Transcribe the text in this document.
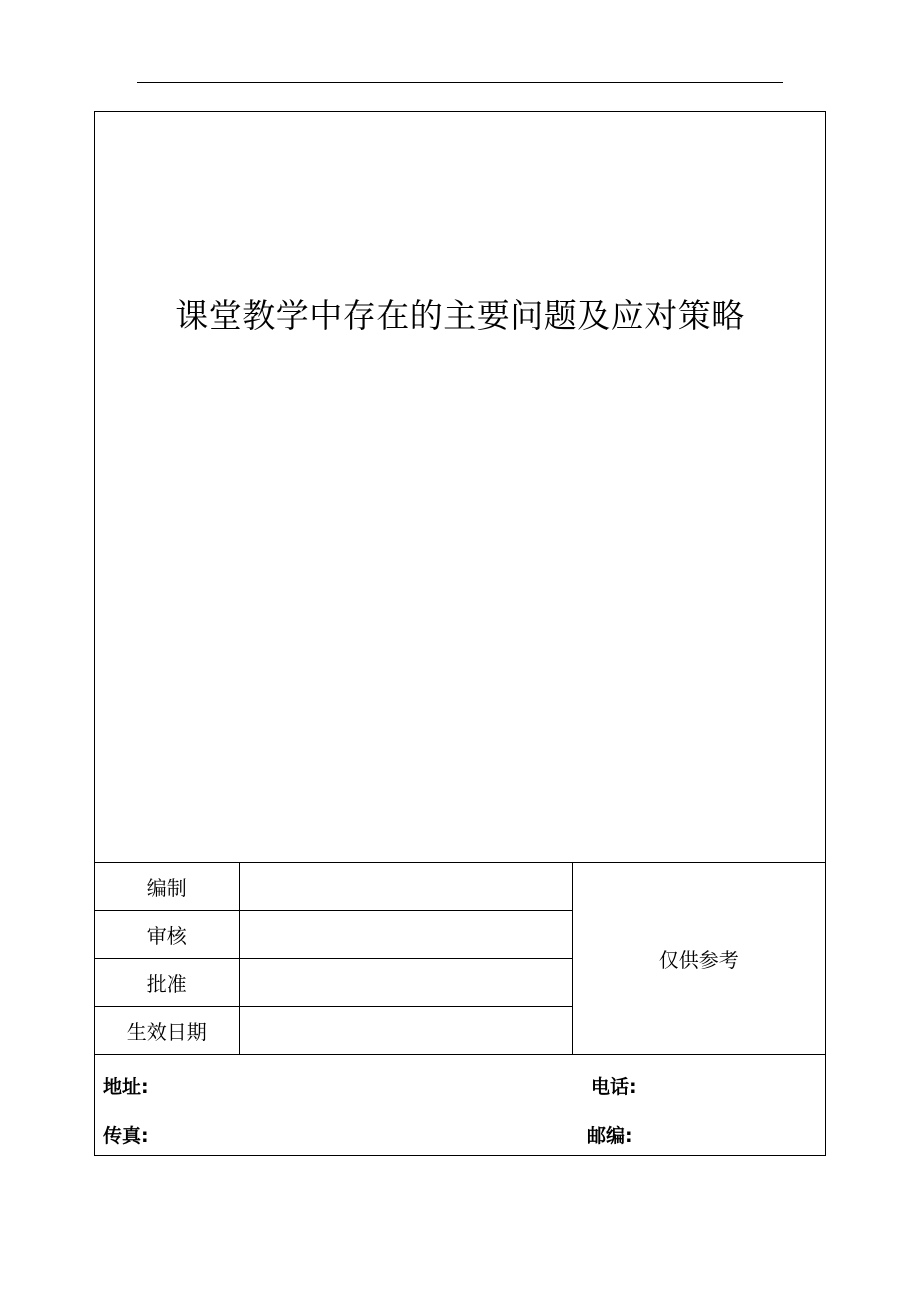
课堂教学中存在的主要问题及应对策略
编制		仅供参考
审核		
批准		
生效日期		
地址:	电话:
传真:	邮编:
